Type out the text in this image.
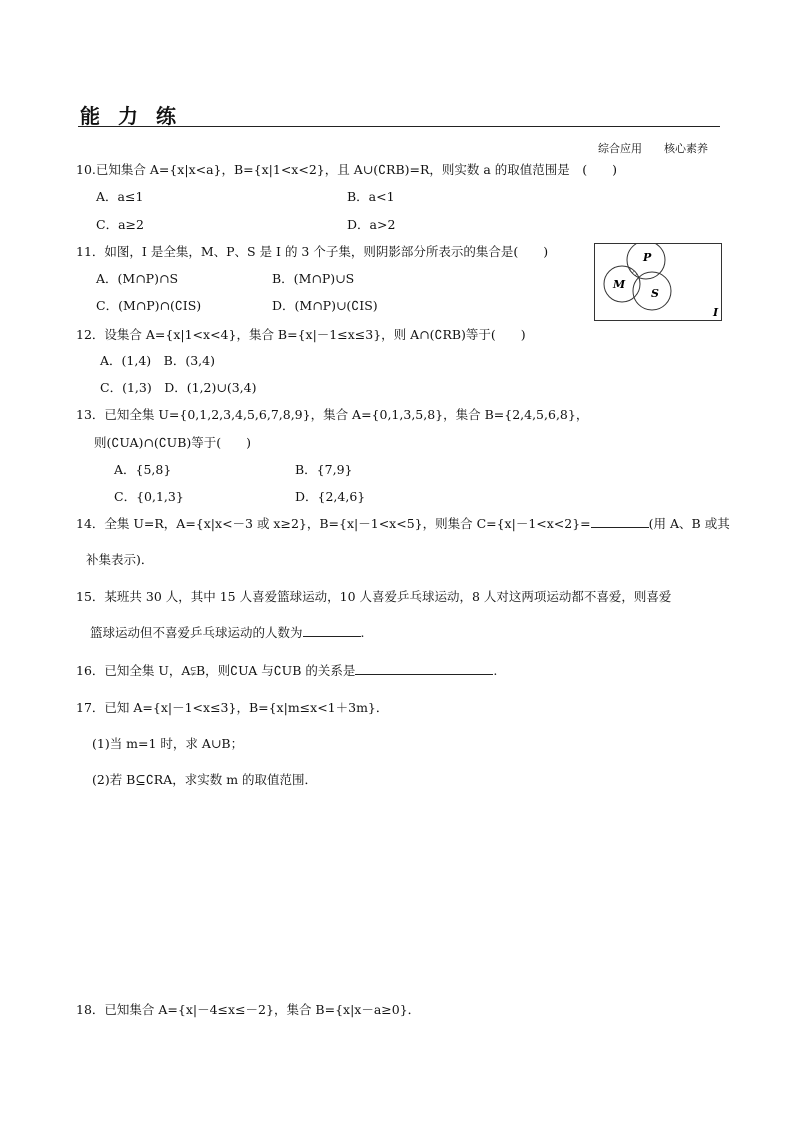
能力练
综合应用 核心素养
10.已知集合 A={x|x<a}，B={x|1<x<2}，且 A∪(∁RB)=R，则实数 a 的取值范围是　(　　)
A．a≤1	B．a<1
C．a≥2	D．a>2
11．如图，I 是全集，M、P、S 是 I 的 3 个子集，则阴影部分所表示的集合是(　　)
A．(M∩P)∩S	B．(M∩P)∪S
C．(M∩P)∩(∁IS)	D．(M∩P)∪(∁IS)
P
M
S
I
12．设集合 A={x|1<x<4}，集合 B={x|－1≤x≤3}，则 A∩(∁RB)等于(　　)
A．(1,4)　B．(3,4)
C．(1,3)　D．(1,2)∪(3,4)
13．已知全集 U={0,1,2,3,4,5,6,7,8,9}，集合 A={0,1,3,5,8}，集合 B={2,4,5,6,8}，
则(∁UA)∩(∁UB)等于(　　)
A．{5,8}	B．{7,9}
C．{0,1,3}	D．{2,4,6}
14．全集 U=R，A={x|x<－3 或 x≥2}，B={x|－1<x<5}，则集合 C={x|－1<x<2}=	(用 A、B 或其
补集表示)．
15．某班共 30 人，其中 15 人喜爱篮球运动，10 人喜爱乒乓球运动，8 人对这两项运动都不喜爱，则喜爱
篮球运动但不喜爱乒乓球运动的人数为	.
16．已知全集 U，A⫋B，则∁UA 与∁UB 的关系是	.
17．已知 A={x|－1<x≤3}，B={x|m≤x<1＋3m}．
(1)当 m=1 时，求 A∪B；
(2)若 B⊆∁RA，求实数 m 的取值范围．
18．已知集合 A={x|－4≤x≤－2}，集合 B={x|x－a≥0}．
